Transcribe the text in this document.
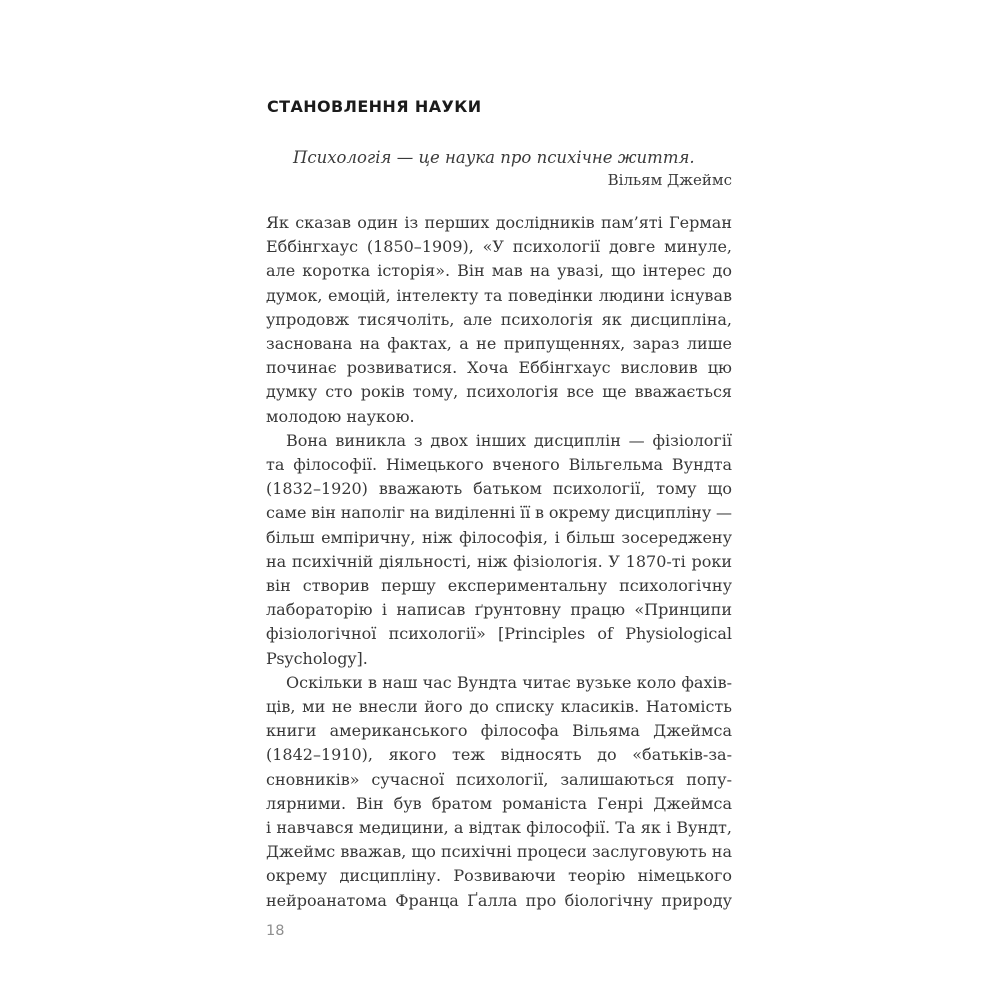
СТАНОВЛЕННЯ НАУКИ
Психологія — це наука про психічне життя.
Вільям Джеймс
Як сказав один із перших дослідників пам’яті Герман
Еббінгхаус (1850–1909), «У психології довге минуле,
але коротка історія». Він мав на увазі, що інтерес до
думок, емоцій, інтелекту та поведінки людини існував
упродовж тисячоліть, але психологія як дисципліна,
заснована на фактах, а не припущеннях, зараз лише
починає розвиватися. Хоча Еббінгхаус висловив цю
думку сто років тому, психологія все ще вважається
молодою наукою.
Вона виникла з двох інших дисциплін — фізіології
та філософії. Німецького вченого Вільгельма Вундта
(1832–1920) вважають батьком психології, тому що
саме він наполіг на виділенні її в окрему дисципліну —
більш емпіричну, ніж філософія, і більш зосереджену
на психічній діяльності, ніж фізіологія. У 1870-ті роки
він створив першу експериментальну психологічну
лабораторію і написав ґрунтовну працю «Принципи
фізіологічної психології» [Principles of Physiological
Psychology].
Оскільки в наш час Вундта читає вузьке коло фахів-
ців, ми не внесли його до списку класиків. Натомість
книги американського філософа Вільяма Джеймса
(1842–1910), якого теж відносять до «батьків-за-
сновників» сучасної психології, залишаються попу-
лярними. Він був братом романіста Генрі Джеймса
і навчався медицини, а відтак філософії. Та як і Вундт,
Джеймс вважав, що психічні процеси заслуговують на
окрему дисципліну. Розвиваючи теорію німецького
нейроанатома Франца Ґалла про біологічну природу
18
